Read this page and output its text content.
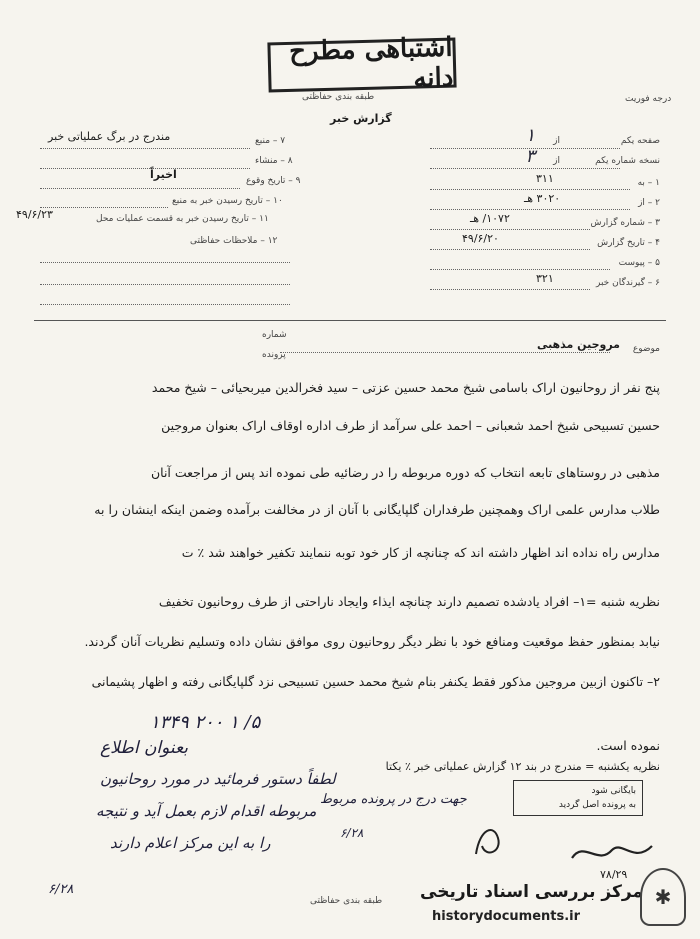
اشتباهی مطرح دانه
طبقه بندی حفاظتی	درجه فوریت
گزارش خبر
صفحه یکم
از
۱
نسخه شماره یکم
از
۳
۱ – به
۳۱۱
۲ – از
۳۰۲۰ هـ
۳ – شماره گزارش
۱۰۷۲/ هـ
۴ – تاریخ گزارش
۴۹/۶/۲۰
۵ – پیوست
۶ – گیرندگان خبر
۳۲۱
۷ – منبع
مندرج در برگ عملیاتی خبر
۸ – منشاء
۹ – تاریخ وقوع
اخیراً
۱۰ – تاریخ رسیدن خبر به منبع
۱۱ – تاریخ رسیدن خبر به قسمت عملیات محل
۴۹/۶/۲۳
۱۲ – ملاحظات حفاظتی
موضوع
مروجین مذهبی
شماره
پرونده
پنج نفر از روحانیون اراک باسامی شیخ محمد حسین عزتی – سید فخرالدین میربحیائی – شیخ محمد
حسین تسبیحی شیخ احمد شعبانی – احمد علی سرآمد از طرف اداره اوقاف اراک بعنوان مروجین
مذهبی در روستاهای تابعه انتخاب که دوره مربوطه را در رضائیه طی نموده اند پس از مراجعت آنان
طلاب مدارس علمی اراک وهمچنین طرفداران گلپایگانی با آنان از در مخالفت برآمده وضمن اینکه اینشان را به
مدارس راه نداده اند اظهار داشته اند که چنانچه از کار خود توبه ننمایند تکفیر خواهند شد ٪ ت
نظریه شنبه =۱– افراد یادشده تصمیم دارند چنانچه ایذاء وایجاد ناراحتی از طرف روحانیون تخفیف
نیابد بمنظور حفظ موقعیت ومنافع خود با نظر دیگر روحانیون روی موافق نشان داده وتسلیم نظریات آنان گردند.
۲– تاکنون ازبین مروجین مذکور فقط یکنفر بنام شیخ محمد حسین تسبیحی نزد گلپایگانی رفته و اظهار پشیمانی
نموده است.
نظریه یکشنبه = مندرج در بند ۱۲ گزارش عملیاتی خبر ٪ یکتا
۵/ ۱ ۲۰۰ ۱۳۴۹
بعنوان اطلاع
لطفاً دستور فرمائید در مورد روحانیون
مربوطه اقدام لازم بعمل آید و نتیجه
را به این مرکز اعلام دارند
۶/۲۸
جهت درج در پرونده مربوط
۶/۲۸
بایگانی شود
به پرونده اصل گردید
طبقه بندی حفاظتی
۷۸/۲۹
مرکز بررسی اسناد تاریخی
historydocuments.ir
✱
